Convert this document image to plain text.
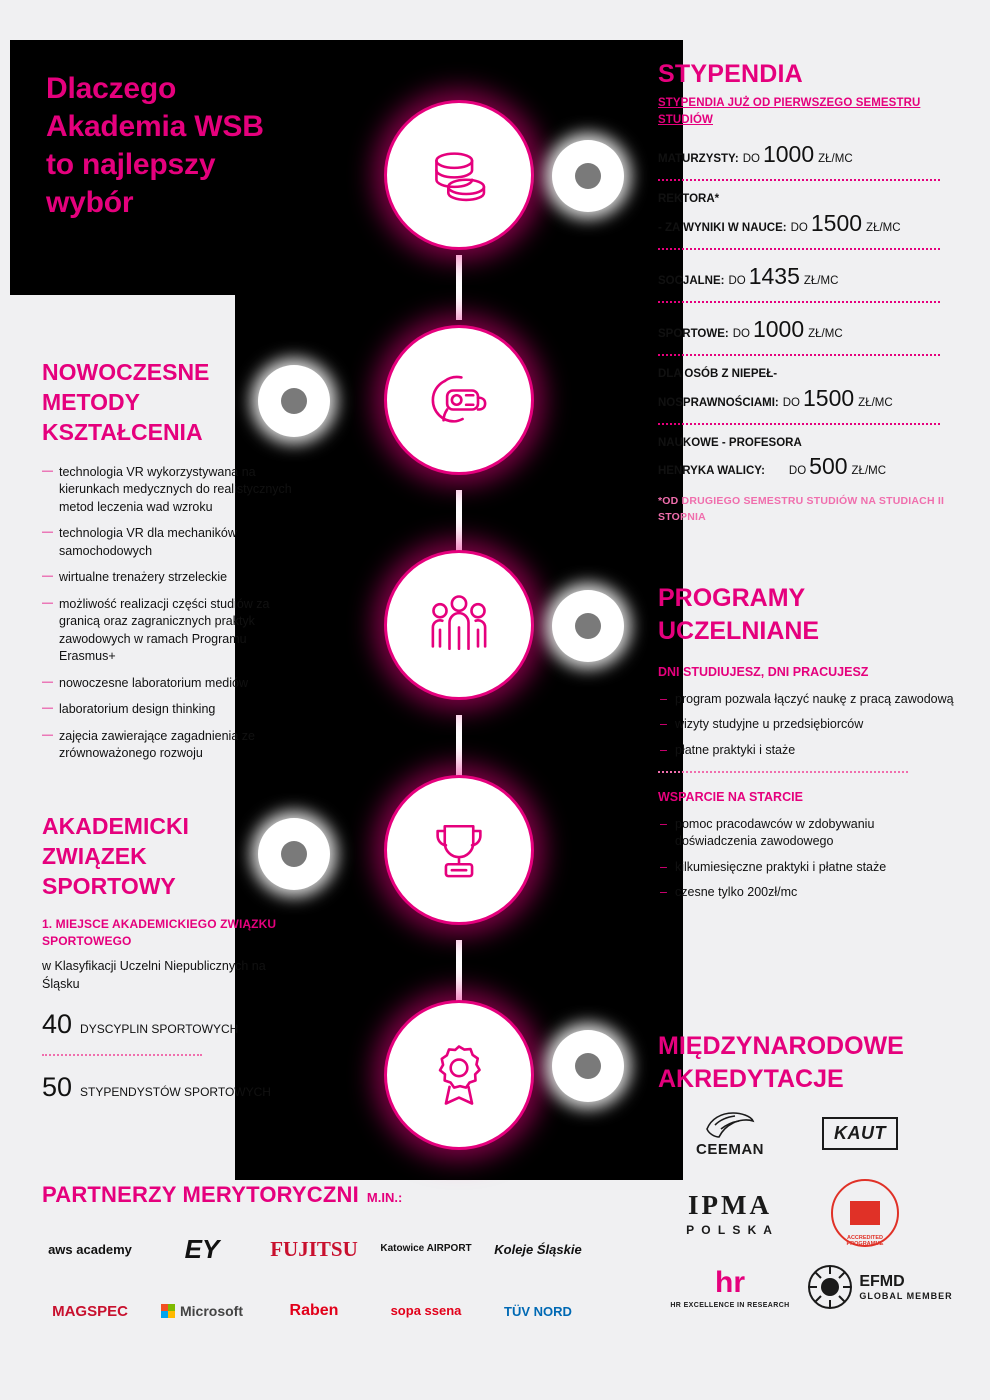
Dlaczego
Akademia WSB
to najlepszy
wybór
STYPENDIA
STYPENDIA JUŻ OD PIERWSZEGO SEMESTRU STUDIÓW
MATURZYSTY: DO 1000 ZŁ/MC
REKTORA*
- ZA WYNIKI W NAUCE: DO 1500 ZŁ/MC
SOCJALNE: DO 1435 ZŁ/MC
SPORTOWE: DO 1000 ZŁ/MC
DLA OSÓB Z NIEPEŁ-
NOSPRAWNOŚCIAMI: DO 1500 ZŁ/MC
NAUKOWE - PROFESORA
HENRYKA WALICY: DO 500 ZŁ/MC
*OD DRUGIEGO SEMESTRU STUDIÓW NA STUDIACH II STOPNIA
NOWOCZESNE
METODY
KSZTAŁCENIA
— technologia VR wykorzystywana na kierunkach medycznych do realistycznych metod leczenia wad wzroku
— technologia VR dla mechaników samochodowych
— wirtualne trenażery strzeleckie
— możliwość realizacji części studiów za granicą oraz zagranicznych praktyk zawodowych w ramach Programu Erasmus+
— nowoczesne laboratorium mediów
— laboratorium design thinking
— zajęcia zawierające zagadnienia ze zrównoważonego rozwoju
AKADEMICKI
ZWIĄZEK
SPORTOWY
1. MIEJSCE AKADEMICKIEGO ZWIĄZKU SPORTOWEGO
w Klasyfikacji Uczelni Niepublicznych na Śląsku
40 DYSCYPLIN SPORTOWYCH
50 STYPENDYSTÓW SPORTOWYCH
PROGRAMY
UCZELNIANE
DNI STUDIUJESZ, DNI PRACUJESZ
– program pozwala łączyć naukę z pracą zawodową
– wizyty studyjne u przedsiębiorców
– płatne praktyki i staże
WSPARCIE NA STARCIE
– pomoc pracodawców w zdobywaniu doświadczenia zawodowego
– kilkumiesięczne praktyki i płatne staże
– czesne tylko 200zł/mc
MIĘDZYNARODOWE
AKREDYTACJE
CEEMAN
KAUT
IPMA
P O L S K A
ACCREDITED PROGRAMME
hr
HR EXCELLENCE IN RESEARCH
EFMD
GLOBAL MEMBER
PARTNERZY MERYTORYCZNI M.IN.:
aws academy EY FUJITSU Katowice AIRPORT Koleje Śląskie
MAGSPEC	Microsoft	Raben	sopa ssena	TÜV NORD
